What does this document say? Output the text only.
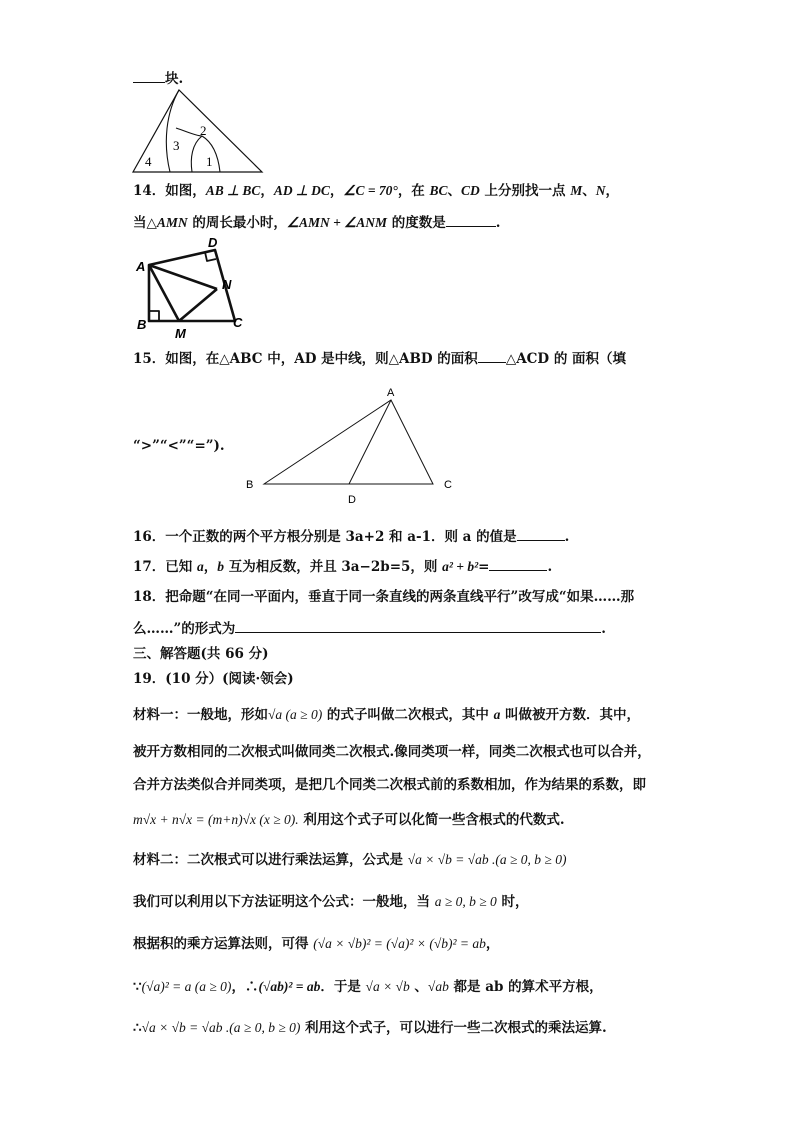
块.
2
3
4	1
14．如图，AB ⊥ BC，AD ⊥ DC，∠C = 70°，在 BC、CD 上分别找一点 M、N，
当△AMN 的周长最小时，∠AMN + ∠ANM 的度数是	.
A
D
N
B
M
C
15．如图，在△ABC 中，AD 是中线，则△ABD 的面积 △ACD 的 面积（填
“>”“<”“=”).
A
B
D
C
16．一个正数的两个平方根分别是 3a+2 和 a-1．则 a 的值是	.
17．已知 a，b 互为相反数，并且 3a−2b=5，则 a² + b²=	.
18．把命题“在同一平面内，垂直于同一条直线的两条直线平行”改写成“如果……那
么……”的形式为	.
三、解答题(共 66 分)
19．(10 分）(阅读·领会)
材料一：一般地，形如√a (a ≥ 0) 的式子叫做二次根式，其中 a 叫做被开方数．其中，
被开方数相同的二次根式叫做同类二次根式.像同类项一样，同类二次根式也可以合并，
合并方法类似合并同类项，是把几个同类二次根式前的系数相加，作为结果的系数，即
m√x + n√x = (m+n)√x (x ≥ 0). 利用这个式子可以化简一些含根式的代数式.
材料二：二次根式可以进行乘法运算，公式是 √a × √b = √ab .(a ≥ 0, b ≥ 0)
我们可以利用以下方法证明这个公式：一般地，当 a ≥ 0, b ≥ 0 时，
根据积的乘方运算法则，可得 (√a × √b)² = (√a)² × (√b)² = ab，
∵(√a)² = a (a ≥ 0)，∴(√ab)² = ab．于是 √a × √b 、√ab 都是 ab 的算术平方根，
∴√a × √b = √ab .(a ≥ 0, b ≥ 0) 利用这个式子，可以进行一些二次根式的乘法运算.
